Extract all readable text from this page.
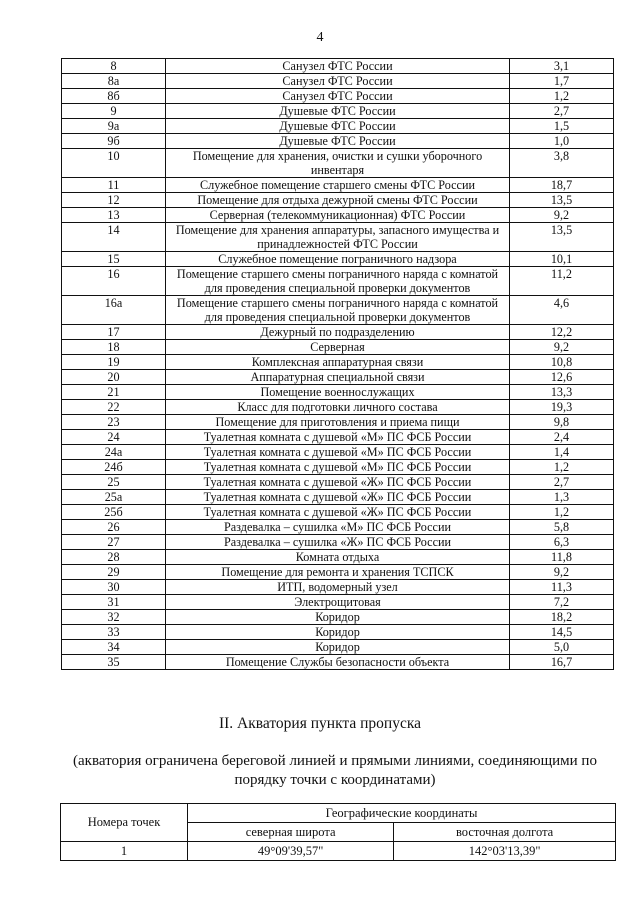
4
8	Санузел ФТС России	3,1
8а	Санузел ФТС России	1,7
8б	Санузел ФТС России	1,2
9	Душевые ФТС России	2,7
9а	Душевые ФТС России	1,5
9б	Душевые ФТС России	1,0
10	Помещение для хранения, очистки и сушки уборочного инвентаря	3,8
11	Служебное помещение старшего смены ФТС России	18,7
12	Помещение для отдыха дежурной смены ФТС России	13,5
13	Серверная (телекоммуникационная) ФТС России	9,2
14	Помещение для хранения аппаратуры, запасного имущества и принадлежностей ФТС России	13,5
15	Служебное помещение пограничного надзора	10,1
16	Помещение старшего смены пограничного наряда с комнатой для проведения специальной проверки документов	11,2
16а	Помещение старшего смены пограничного наряда с комнатой для проведения специальной проверки документов	4,6
17	Дежурный по подразделению	12,2
18	Серверная	9,2
19	Комплексная аппаратурная связи	10,8
20	Аппаратурная специальной связи	12,6
21	Помещение военнослужащих	13,3
22	Класс для подготовки личного состава	19,3
23	Помещение для приготовления и приема пищи	9,8
24	Туалетная комната с душевой «М» ПС ФСБ России	2,4
24а	Туалетная комната с душевой «М» ПС ФСБ России	1,4
24б	Туалетная комната с душевой «М» ПС ФСБ России	1,2
25	Туалетная комната с душевой «Ж» ПС ФСБ России	2,7
25а	Туалетная комната с душевой «Ж» ПС ФСБ России	1,3
25б	Туалетная комната с душевой «Ж» ПС ФСБ России	1,2
26	Раздевалка – сушилка «М» ПС ФСБ России	5,8
27	Раздевалка – сушилка «Ж» ПС ФСБ России	6,3
28	Комната отдыха	11,8
29	Помещение для ремонта и хранения ТСПСК	9,2
30	ИТП, водомерный узел	11,3
31	Электрощитовая	7,2
32	Коридор	18,2
33	Коридор	14,5
34	Коридор	5,0
35	Помещение Службы безопасности объекта	16,7
II. Акватория пункта пропуска
(акватория ограничена береговой линией и прямыми линиями, соединяющими по порядку точки с координатами)
Номера точек	Географические координаты	
	северная широта	восточная долгота
1	49°09'39,57"	142°03'13,39"
